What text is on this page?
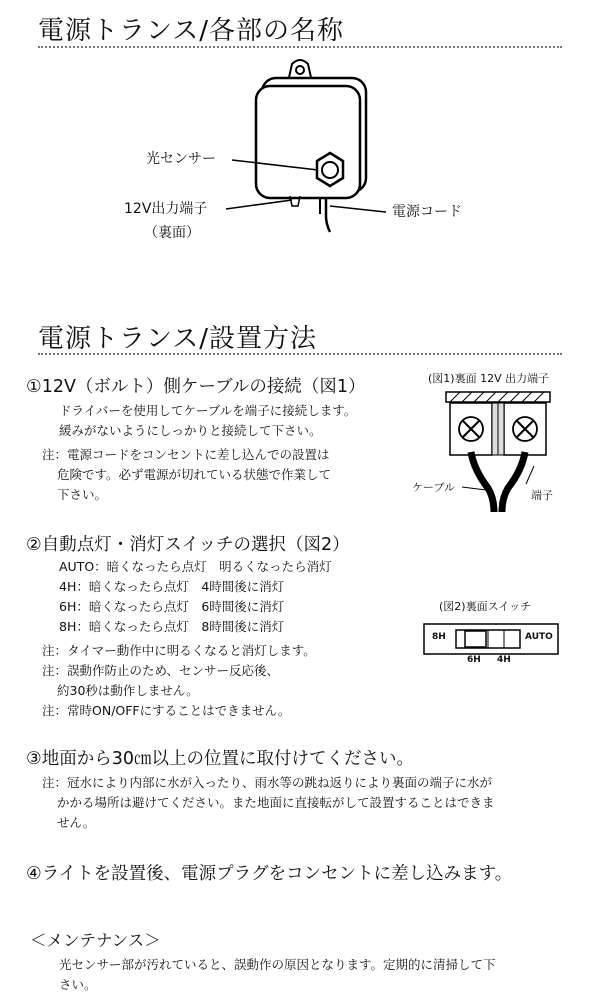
電源トランス/各部の名称
光センサー
12V出力端子
（裏面）
電源コード
電源トランス/設置方法
①12V（ボルト）側ケーブルの接続（図1）
ドライバーを使用してケーブルを端子に接続します。
緩みがないようにしっかりと接続して下さい。
注：電源コードをコンセントに差し込んでの設置は
危険です。必ず電源が切れている状態で作業して
下さい。
(図1)裏面 12V 出力端子
ケーブル
端子
②自動点灯・消灯スイッチの選択（図2）
AUTO：暗くなったら点灯　明るくなったら消灯
4H：暗くなったら点灯　4時間後に消灯
6H：暗くなったら点灯　6時間後に消灯
8H：暗くなったら点灯　8時間後に消灯
注：タイマー動作中に明るくなると消灯します。
注：誤動作防止のため、センサー反応後、
約30秒は動作しません。
注：常時ON/OFFにすることはできません。
(図2)裏面スイッチ
8H	AUTO
6H 4H
③地面から30㎝以上の位置に取付けてください。
注：冠水により内部に水が入ったり、雨水等の跳ね返りにより裏面の端子に水が
かかる場所は避けてください。また地面に直接転がして設置することはできま
せん。
④ライトを設置後、電源プラグをコンセントに差し込みます。
＜メンテナンス＞
光センサー部が汚れていると、誤動作の原因となります。定期的に清掃して下
さい。
